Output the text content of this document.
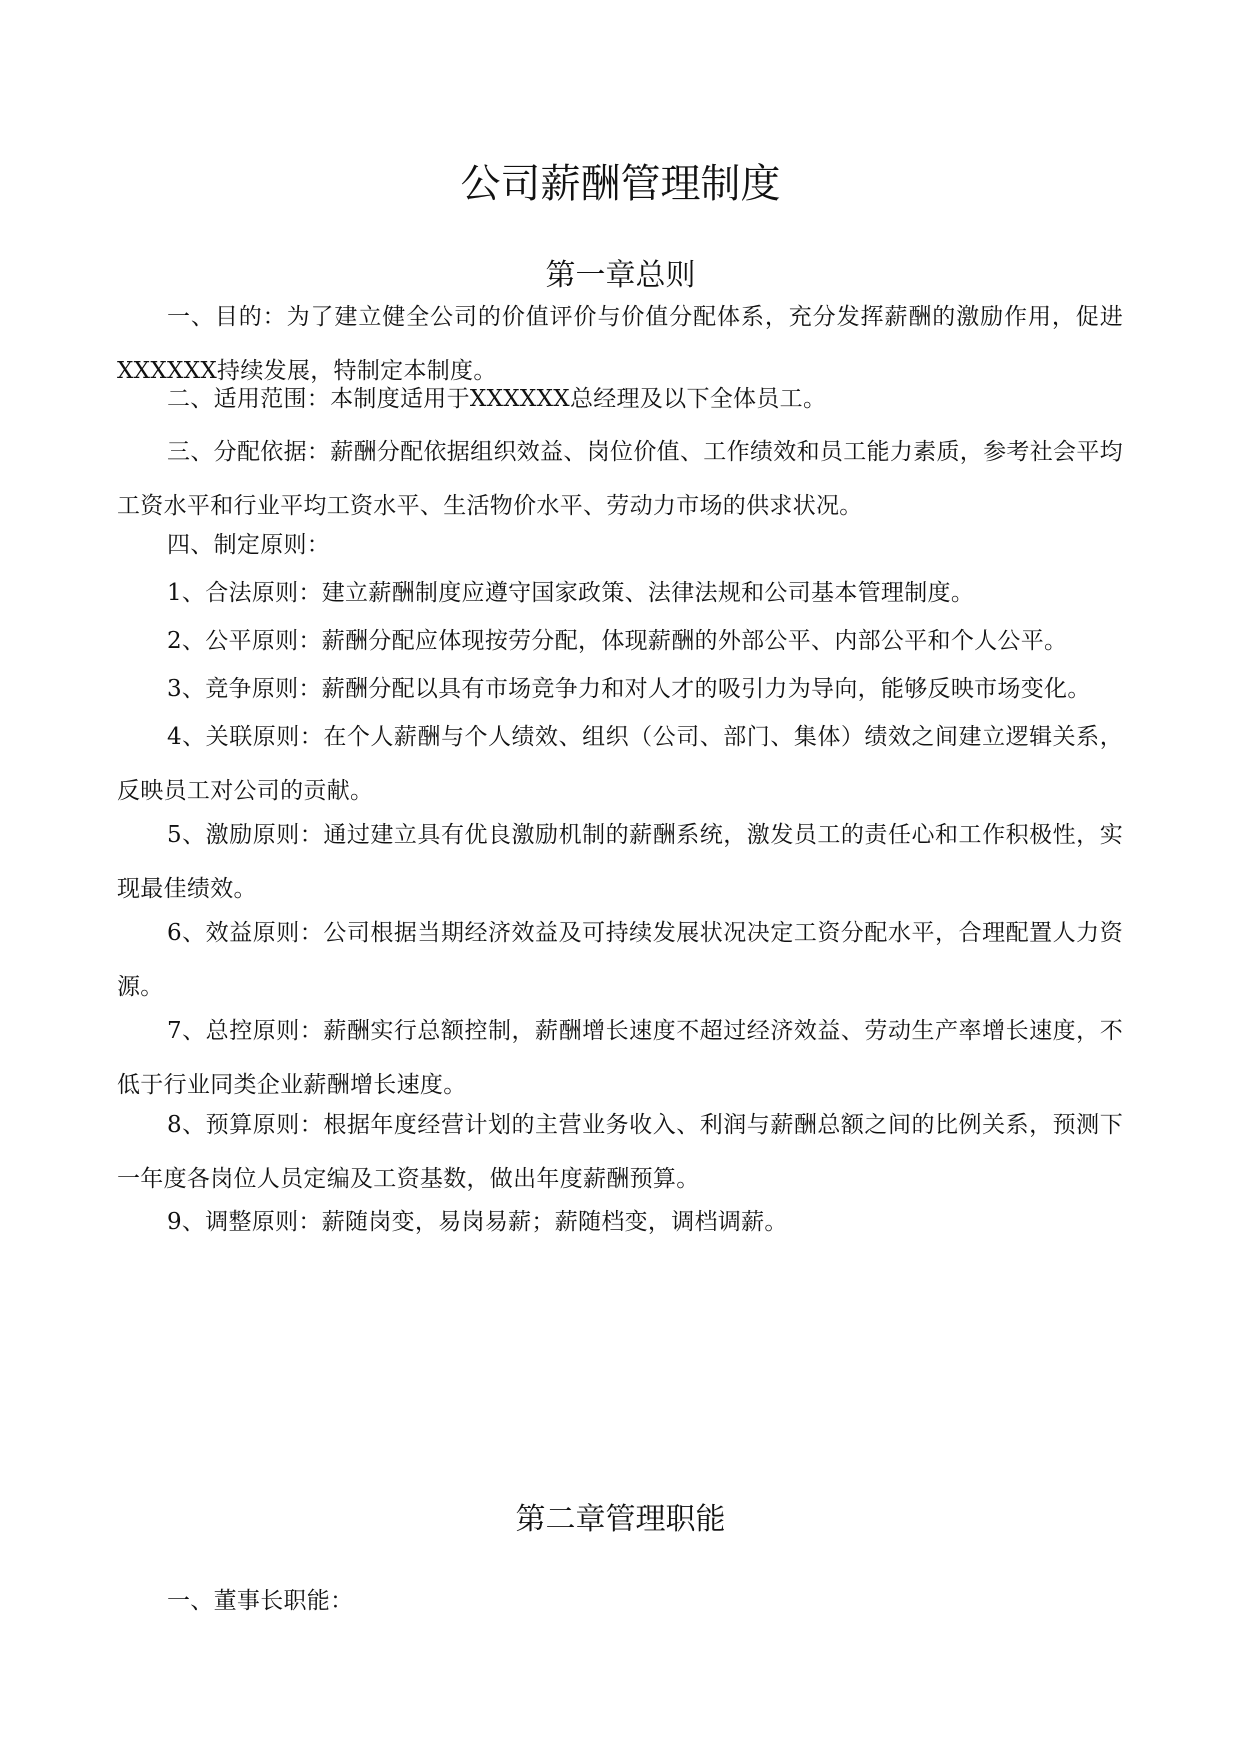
公司薪酬管理制度
第一章总则

一、目的：为了建立健全公司的价值评价与价值分配体系，充分发挥薪酬的激励作用，促进XXXXXX持续发展，特制定本制度。

二、适用范围：本制度适用于XXXXXX总经理及以下全体员工。

三、分配依据：薪酬分配依据组织效益、岗位价值、工作绩效和员工能力素质，参考社会平均工资水平和行业平均工资水平、生活物价水平、劳动力市场的供求状况。

四、制定原则：

1、合法原则：建立薪酬制度应遵守国家政策、法律法规和公司基本管理制度。

2、公平原则：薪酬分配应体现按劳分配，体现薪酬的外部公平、内部公平和个人公平。

3、竞争原则：薪酬分配以具有市场竞争力和对人才的吸引力为导向，能够反映市场变化。

4、关联原则：在个人薪酬与个人绩效、组织（公司、部门、集体）绩效之间建立逻辑关系，反映员工对公司的贡献。

5、激励原则：通过建立具有优良激励机制的薪酬系统，激发员工的责任心和工作积极性，实现最佳绩效。

6、效益原则：公司根据当期经济效益及可持续发展状况决定工资分配水平，合理配置人力资源。

7、总控原则：薪酬实行总额控制，薪酬增长速度不超过经济效益、劳动生产率增长速度，不低于行业同类企业薪酬增长速度。

8、预算原则：根据年度经营计划的主营业务收入、利润与薪酬总额之间的比例关系，预测下一年度各岗位人员定编及工资基数，做出年度薪酬预算。

9、调整原则：薪随岗变，易岗易薪；薪随档变，调档调薪。

第二章管理职能

一、董事长职能：
